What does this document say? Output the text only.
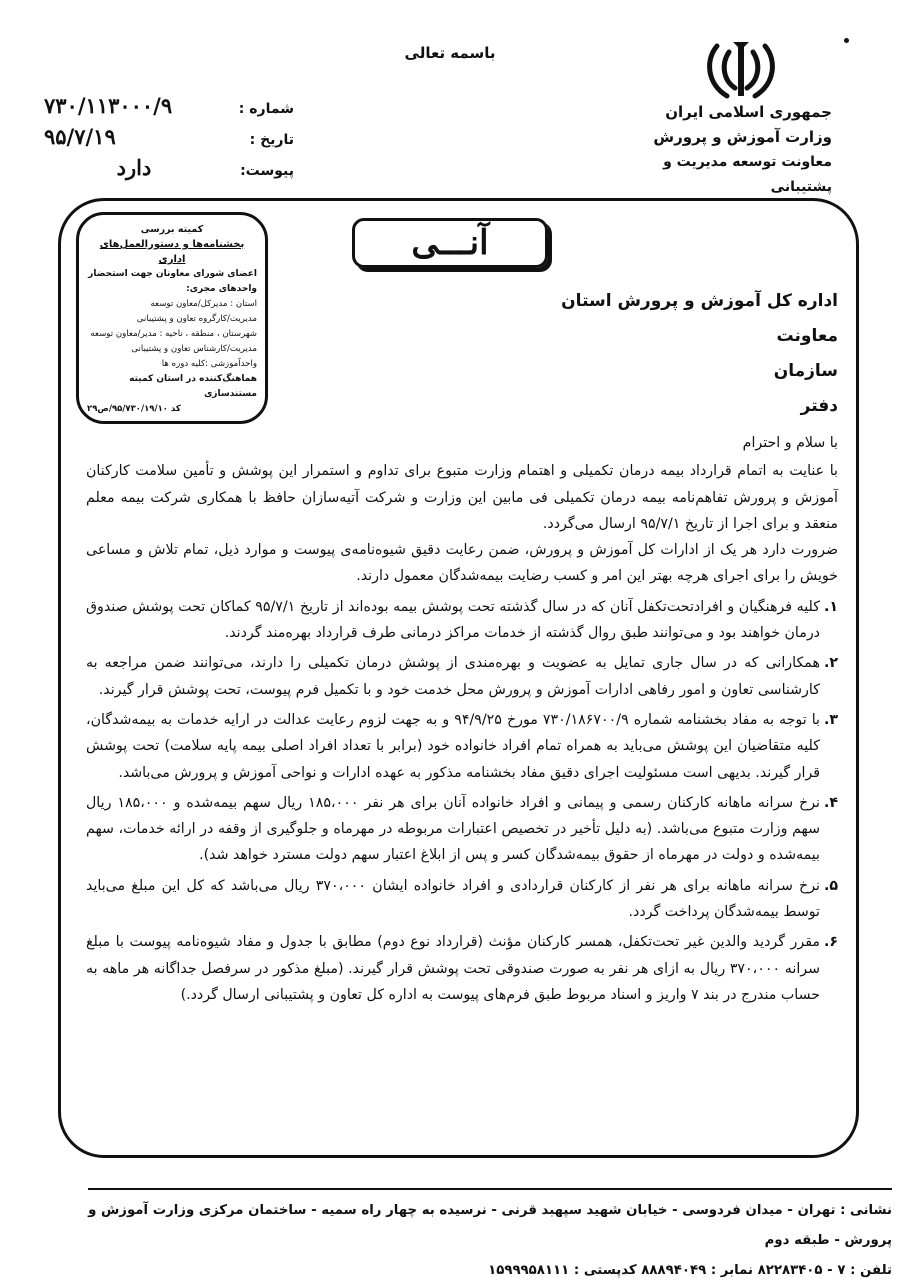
باسمه تعالی
جمهوری اسلامی ایران
وزارت آموزش و پرورش
معاونت توسعه مدیریت و پشتیبانی
شماره :
تاریخ :
پیوست:
۷۳۰/۱۱۳۰۰۰/۹
۹۵/۷/۱۹
دارد
کمیته بررسی
بخشنامه‌ها و دستورالعمل‌های اداری
اعضای شورای معاونان جهت استحضار
واحدهای مجری:
استان : مدیرکل/معاون توسعه
مدیریت/کارگروه تعاون و پشتیبانی
شهرستان ، منطقه ، ناحیه : مدیر/معاون توسعه
مدیریت/کارشناس تعاون و پشتیبانی
واحدآموزشی :کلیه دوره ها
هماهنگ‌کننده در استان کمیته مستندسازی
کد ۹۵/۷۳۰/۱۹/۱۰/ص۲۹
آنـــی
اداره کل آموزش و پرورش استان
معاونت
سازمان
دفتر

با سلام و احترام

با عنایت به اتمام قرارداد بیمه درمان تکمیلی و اهتمام وزارت متبوع برای تداوم و استمرار این پوشش و تأمین سلامت کارکنان آموزش و پرورش تفاهم‌نامه بیمه درمان تکمیلی فی مابین این وزارت و شرکت آتیه‌سازان حافظ با همکاری شرکت بیمه معلم منعقد و برای اجرا از تاریخ ۹۵/۷/۱ ارسال می‌گردد.

ضرورت دارد هر یک از ادارات کل آموزش و پرورش، ضمن رعایت دقیق شیوه‌نامه‌ی پیوست و موارد ذیل، تمام تلاش و مساعی خویش را برای اجرای هرچه بهتر این امر و کسب رضایت بیمه‌شدگان معمول دارند.

۱.
کلیه فرهنگیان و افرادتحت‌تکفل آنان که در سال گذشته تحت پوشش بیمه بوده‌اند از تاریخ ۹۵/۷/۱ کماکان تحت پوشش صندوق درمان خواهند بود و می‌توانند طبق روال گذشته از خدمات مراکز درمانی طرف قرارداد بهره‌مند گردند.

۲.
همکارانی که در سال جاری تمایل به عضویت و بهره‌مندی از پوشش درمان تکمیلی را دارند، می‌توانند ضمن مراجعه به کارشناسی تعاون و امور رفاهی ادارات آموزش و پرورش محل خدمت خود و با تکمیل فرم پیوست، تحت پوشش قرار گیرند.

۳.
با توجه به مفاد بخشنامه شماره ۷۳۰/۱۸۶۷۰۰/۹ مورخ ۹۴/۹/۲۵ و به جهت لزوم رعایت عدالت در ارایه خدمات به بیمه‌شدگان، کلیه متقاضیان این پوشش می‌باید به همراه تمام افراد خانواده خود (برابر با تعداد افراد اصلی بیمه پایه سلامت) تحت پوشش قرار گیرند. بدیهی است مسئولیت اجرای دقیق مفاد بخشنامه مذکور به عهده ادارات و نواحی آموزش و پرورش می‌باشد.

۴.
نرخ سرانه ماهانه کارکنان رسمی و پیمانی و افراد خانواده آنان برای هر نفر ۱۸۵،۰۰۰ ریال سهم بیمه‌شده و ۱۸۵،۰۰۰ ریال سهم وزارت متبوع می‌باشد. (به دلیل تأخیر در تخصیص اعتبارات مربوطه در مهرماه و جلوگیری از وقفه در ارائه خدمات، سهم بیمه‌شده و دولت در مهرماه از حقوق بیمه‌شدگان کسر و پس از ابلاغ اعتبار سهم دولت مسترد خواهد شد).

۵.
نرخ سرانه ماهانه برای هر نفر از کارکنان قراردادی و افراد خانواده ایشان ۳۷۰،۰۰۰ ریال می‌باشد که کل این مبلغ می‌باید توسط بیمه‌شدگان پرداخت گردد.

۶.
مقرر گردید والدین غیر تحت‌تکفل، همسر کارکنان مؤنث (قرارداد نوع دوم) مطابق با جدول و مفاد شیوه‌نامه پیوست با مبلغ سرانه ۳۷۰،۰۰۰ ریال به ازای هر نفر به صورت صندوقی تحت پوشش قرار گیرند. (مبلغ مذکور در سرفصل جداگانه هر ماهه به حساب مندرج در بند ۷ واریز و اسناد مربوط طبق فرم‌های پیوست به اداره کل تعاون و پشتیبانی ارسال گردد.)

نشانی : تهران - میدان فردوسی - خیابان شهید سپهبد قرنی - نرسیده به چهار راه سمیه - ساختمان مرکزی وزارت آموزش و پرورش - طبقه دوم
تلفن : ۷ - ۸۲۲۸۳۴۰۵ نمابر : ۸۸۸۹۴۰۴۹ کدپستی : ۱۵۹۹۹۵۸۱۱۱
